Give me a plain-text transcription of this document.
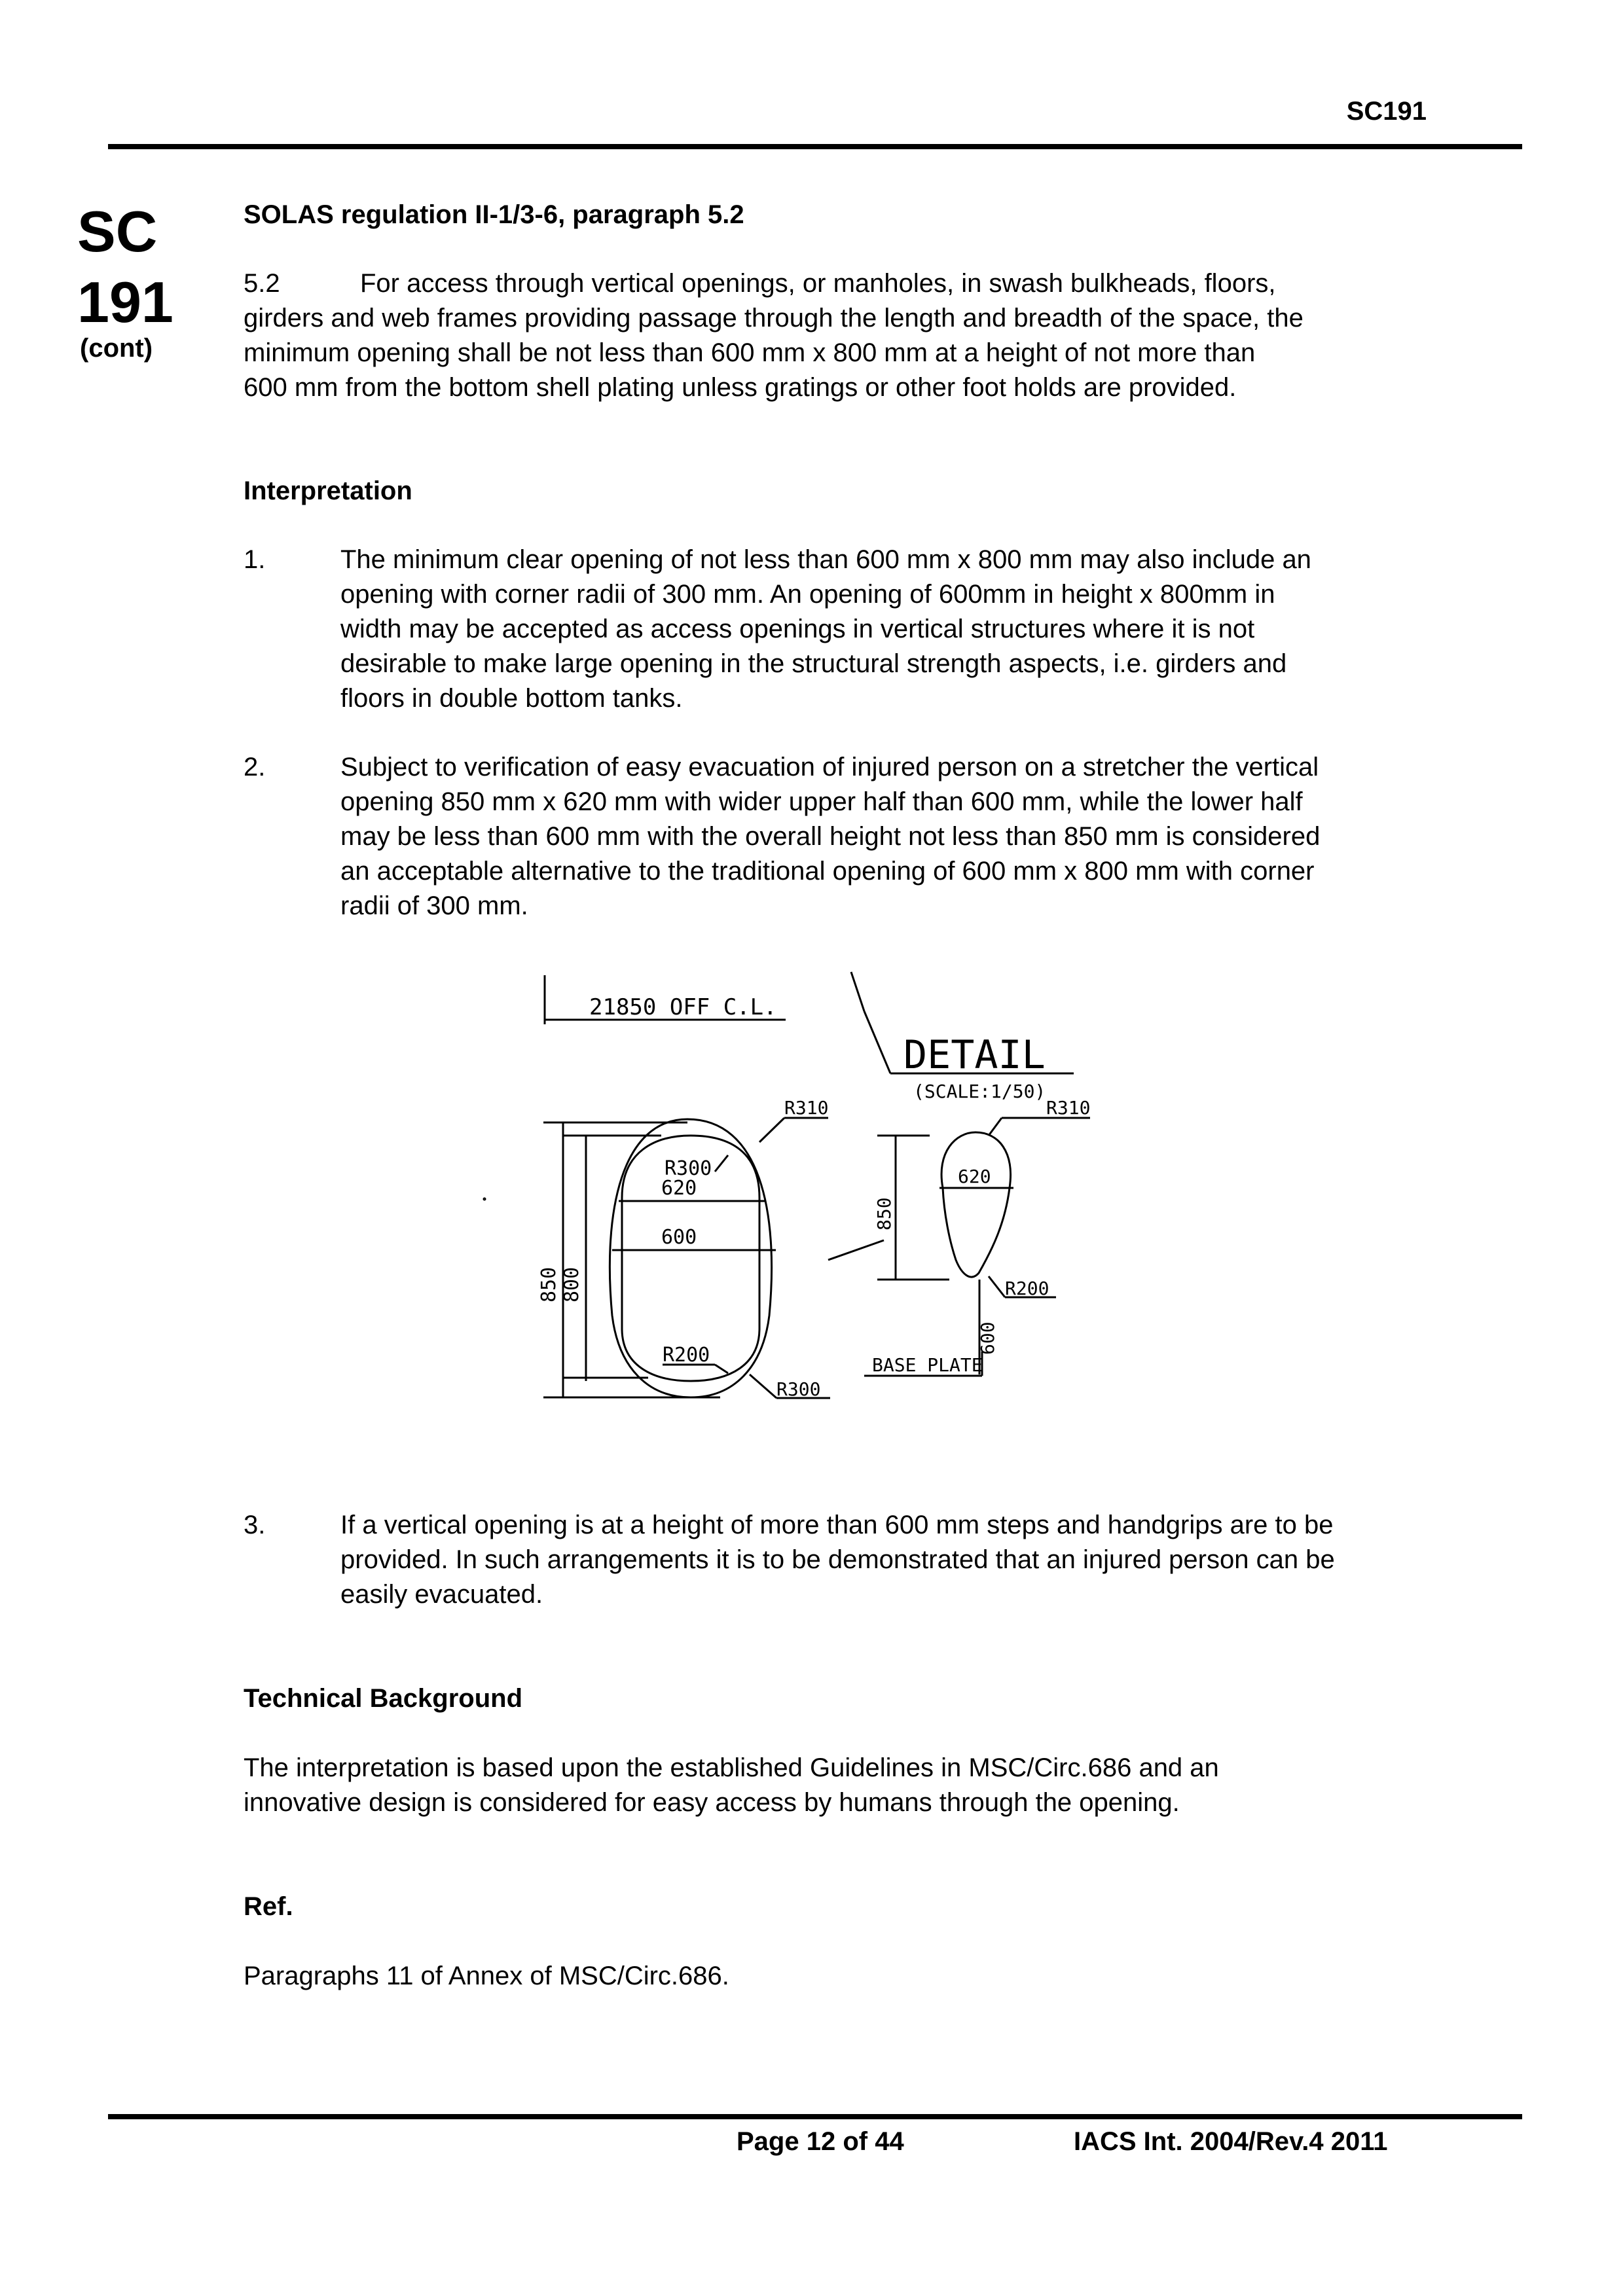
SC191
SC
191
(cont)
SOLAS regulation II-1/3-6, paragraph 5.2
5.2	For access through vertical openings, or manholes, in swash bulkheads, floors,
girders and web frames providing passage through the length and breadth of the space, the
minimum opening shall be not less than 600 mm x 800 mm at a height of not more than
600 mm from the bottom shell plating unless gratings or other foot holds are provided.
Interpretation
1.	The minimum clear opening of not less than 600 mm x 800 mm may also include an
opening with corner radii of 300 mm. An opening of 600mm in height x 800mm in
width may be accepted as access openings in vertical structures where it is not
desirable to make large opening in the structural strength aspects, i.e. girders and
floors in double bottom tanks.
2.	Subject to verification of easy evacuation of injured person on a stretcher the vertical
opening 850 mm x 620 mm with wider upper half than 600 mm, while the lower half
may be less than 600 mm with the overall height not less than 850 mm is considered
an acceptable alternative to the traditional opening of 600 mm x 800 mm with corner
radii of 300 mm.
21850 OFF C.L.
DETAIL
(SCALE:1/50)
850 800
620
600
R300
R310
R200
R300
850
620
R310
R200
600
BASE PLATE
3.	If a vertical opening is at a height of more than 600 mm steps and handgrips are to be
provided. In such arrangements it is to be demonstrated that an injured person can be
easily evacuated.
Technical Background
The interpretation is based upon the established Guidelines in MSC/Circ.686 and an
innovative design is considered for easy access by humans through the opening.
Ref.
Paragraphs 11 of Annex of MSC/Circ.686.
Page 12 of 44	IACS Int. 2004/Rev.4 2011
